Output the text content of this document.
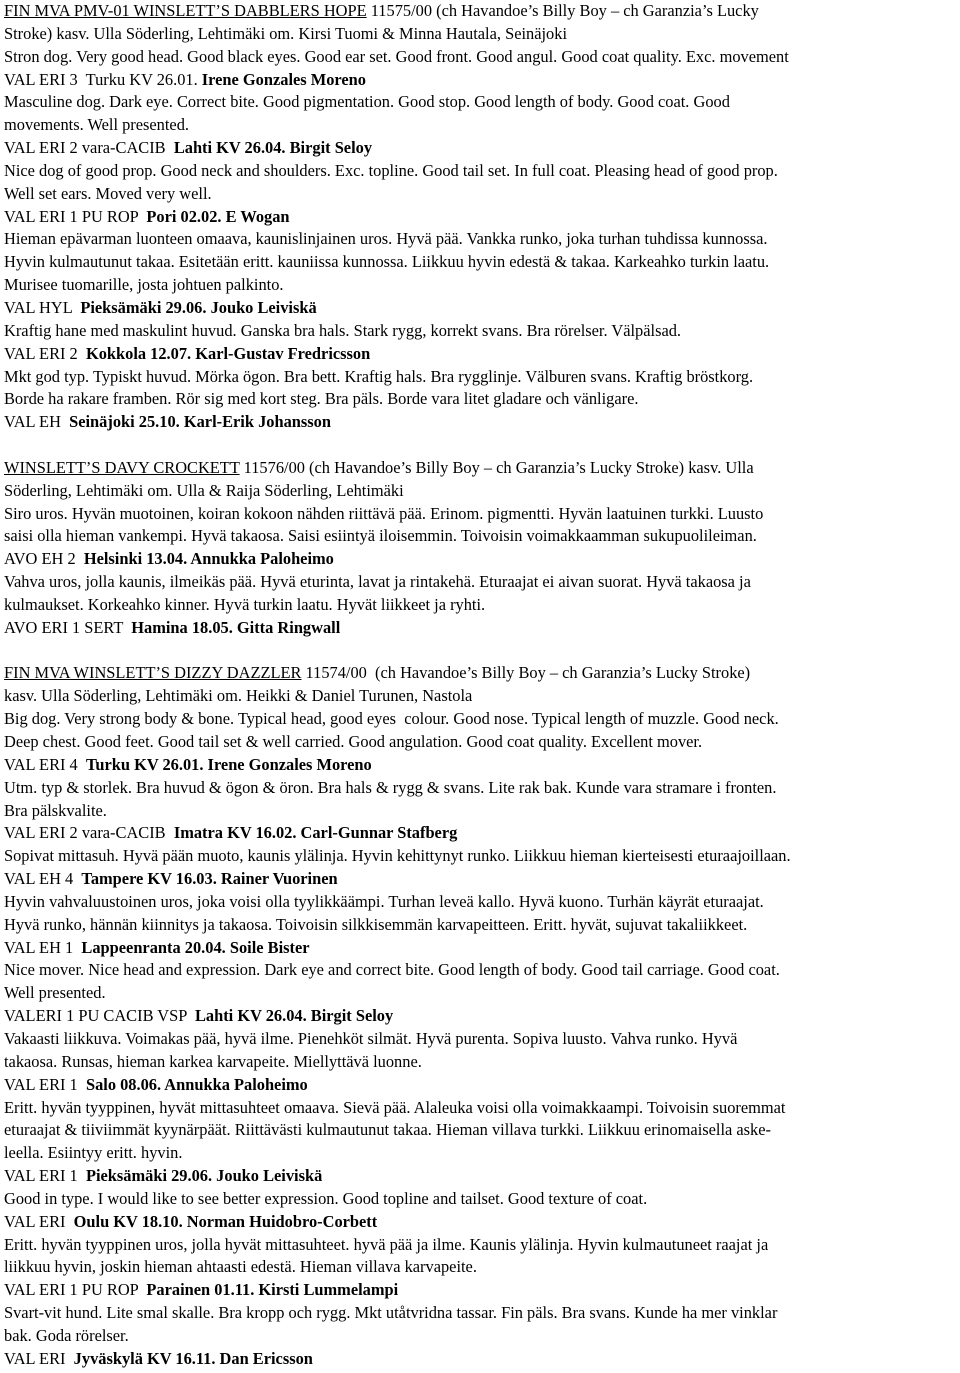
FIN MVA PMV-01 WINSLETT’S DABBLERS HOPE 11575/00 (ch Havandoe’s Billy Boy – ch Garanzia’s Lucky
Stroke) kasv. Ulla Söderling, Lehtimäki om. Kirsi Tuomi & Minna Hautala, Seinäjoki
Stron dog. Very good head. Good black eyes. Good ear set. Good front. Good angul. Good coat quality. Exc. movement
VAL ERI 3  Turku KV 26.01. Irene Gonzales Moreno
Masculine dog. Dark eye. Correct bite. Good pigmentation. Good stop. Good length of body. Good coat. Good
movements. Well presented.
VAL ERI 2 vara-CACIB  Lahti KV 26.04. Birgit Seloy
Nice dog of good prop. Good neck and shoulders. Exc. topline. Good tail set. In full coat. Pleasing head of good prop.
Well set ears. Moved very well.
VAL ERI 1 PU ROP  Pori 02.02. E Wogan
Hieman epävarman luonteen omaava, kaunislinjainen uros. Hyvä pää. Vankka runko, joka turhan tuhdissa kunnossa.
Hyvin kulmautunut takaa. Esitetään eritt. kauniissa kunnossa. Liikkuu hyvin edestä & takaa. Karkeahko turkin laatu.
Murisee tuomarille, josta johtuen palkinto.
VAL HYL  Pieksämäki 29.06. Jouko Leiviskä
Kraftig hane med maskulint huvud. Ganska bra hals. Stark rygg, korrekt svans. Bra rörelser. Välpälsad.
VAL ERI 2  Kokkola 12.07. Karl-Gustav Fredricsson
Mkt god typ. Typiskt huvud. Mörka ögon. Bra bett. Kraftig hals. Bra rygglinje. Välburen svans. Kraftig bröstkorg.
Borde ha rakare framben. Rör sig med kort steg. Bra päls. Borde vara litet gladare och vänligare.
VAL EH  Seinäjoki 25.10. Karl-Erik Johansson
WINSLETT’S DAVY CROCKETT 11576/00 (ch Havandoe’s Billy Boy – ch Garanzia’s Lucky Stroke) kasv. Ulla
Söderling, Lehtimäki om. Ulla & Raija Söderling, Lehtimäki
Siro uros. Hyvän muotoinen, koiran kokoon nähden riittävä pää. Erinom. pigmentti. Hyvän laatuinen turkki. Luusto
saisi olla hieman vankempi. Hyvä takaosa. Saisi esiintyä iloisemmin. Toivoisin voimakkaamman sukupuolileiman.
AVO EH 2  Helsinki 13.04. Annukka Paloheimo
Vahva uros, jolla kaunis, ilmeikäs pää. Hyvä eturinta, lavat ja rintakehä. Eturaajat ei aivan suorat. Hyvä takaosa ja
kulmaukset. Korkeahko kinner. Hyvä turkin laatu. Hyvät liikkeet ja ryhti.
AVO ERI 1 SERT  Hamina 18.05. Gitta Ringwall
FIN MVA WINSLETT’S DIZZY DAZZLER 11574/00  (ch Havandoe’s Billy Boy – ch Garanzia’s Lucky Stroke)
kasv. Ulla Söderling, Lehtimäki om. Heikki & Daniel Turunen, Nastola
Big dog. Very strong body & bone. Typical head, good eyes  colour. Good nose. Typical length of muzzle. Good neck.
Deep chest. Good feet. Good tail set & well carried. Good angulation. Good coat quality. Excellent mover.
VAL ERI 4  Turku KV 26.01. Irene Gonzales Moreno
Utm. typ & storlek. Bra huvud & ögon & öron. Bra hals & rygg & svans. Lite rak bak. Kunde vara stramare i fronten.
Bra pälskvalite.
VAL ERI 2 vara-CACIB  Imatra KV 16.02. Carl-Gunnar Stafberg
Sopivat mittasuh. Hyvä pään muoto, kaunis ylälinja. Hyvin kehittynyt runko. Liikkuu hieman kierteisesti eturaajoillaan.
VAL EH 4  Tampere KV 16.03. Rainer Vuorinen
Hyvin vahvaluustoinen uros, joka voisi olla tyylikkäämpi. Turhan leveä kallo. Hyvä kuono. Turhän käyrät eturaajat.
Hyvä runko, hännän kiinnitys ja takaosa. Toivoisin silkkisemmän karvapeitteen. Eritt. hyvät, sujuvat takaliikkeet.
VAL EH 1  Lappeenranta 20.04. Soile Bister
Nice mover. Nice head and expression. Dark eye and correct bite. Good length of body. Good tail carriage. Good coat.
Well presented.
VALERI 1 PU CACIB VSP  Lahti KV 26.04. Birgit Seloy
Vakaasti liikkuva. Voimakas pää, hyvä ilme. Pienehköt silmät. Hyvä purenta. Sopiva luusto. Vahva runko. Hyvä
takaosa. Runsas, hieman karkea karvapeite. Miellyttävä luonne.
VAL ERI 1  Salo 08.06. Annukka Paloheimo
Eritt. hyvän tyyppinen, hyvät mittasuhteet omaava. Sievä pää. Alaleuka voisi olla voimakkaampi. Toivoisin suoremmat
eturaajat & tiiviimmät kyynärpäät. Riittävästi kulmautunut takaa. Hieman villava turkki. Liikkuu erinomaisella aske-
leella. Esiintyy eritt. hyvin.
VAL ERI 1  Pieksämäki 29.06. Jouko Leiviskä
Good in type. I would like to see better expression. Good topline and tailset. Good texture of coat.
VAL ERI  Oulu KV 18.10. Norman Huidobro-Corbett
Eritt. hyvän tyyppinen uros, jolla hyvät mittasuhteet. hyvä pää ja ilme. Kaunis ylälinja. Hyvin kulmautuneet raajat ja
liikkuu hyvin, joskin hieman ahtaasti edestä. Hieman villava karvapeite.
VAL ERI 1 PU ROP  Parainen 01.11. Kirsti Lummelampi
Svart-vit hund. Lite smal skalle. Bra kropp och rygg. Mkt utåtvridna tassar. Fin päls. Bra svans. Kunde ha mer vinklar
bak. Goda rörelser.
VAL ERI  Jyväskylä KV 16.11. Dan Ericsson
